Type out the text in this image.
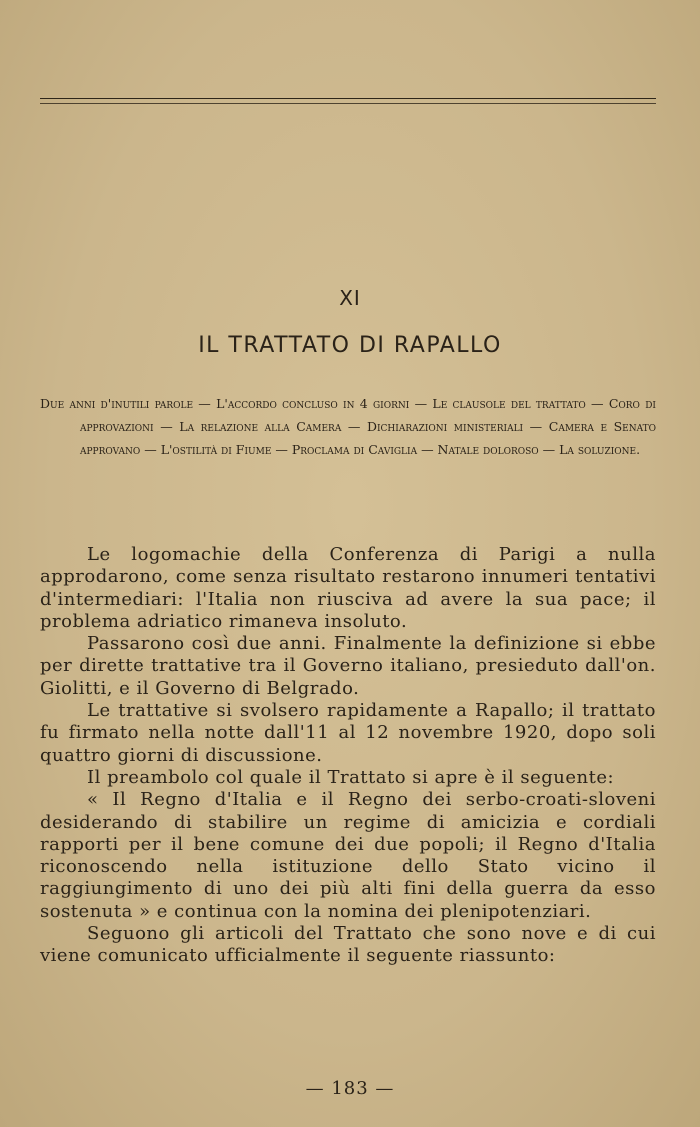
XI
IL TRATTATO DI RAPALLO
Due anni d'inutili parole — L'accordo concluso in 4 giorni — Le clausole del trattato — Coro di approvazioni — La relazione alla Camera — Dichiarazioni ministeriali — Camera e Senato approvano — L'ostilità di Fiume — Proclama di Caviglia — Natale doloroso — La soluzione.

Le logomachie della Conferenza di Parigi a nulla approdarono, come senza risultato restarono innumeri tentativi d'intermediari: l'Italia non riusciva ad avere la sua pace; il problema adriatico rimaneva insoluto.

Passarono così due anni. Finalmente la definizione si ebbe per dirette trattative tra il Governo italiano, presieduto dall'on. Giolitti, e il Governo di Belgrado.

Le trattative si svolsero rapidamente a Rapallo; il trattato fu firmato nella notte dall'11 al 12 novembre 1920, dopo soli quattro giorni di discussione.

Il preambolo col quale il Trattato si apre è il seguente:

« Il Regno d'Italia e il Regno dei serbo-croati-sloveni desiderando di stabilire un regime di amicizia e cordiali rapporti per il bene comune dei due popoli; il Regno d'Italia riconoscendo nella istituzione dello Stato vicino il raggiungimento di uno dei più alti fini della guerra da esso sostenuta » e continua con la nomina dei plenipotenziari.

Seguono gli articoli del Trattato che sono nove e di cui viene comunicato ufficialmente il seguente riassunto:

— 183 —
